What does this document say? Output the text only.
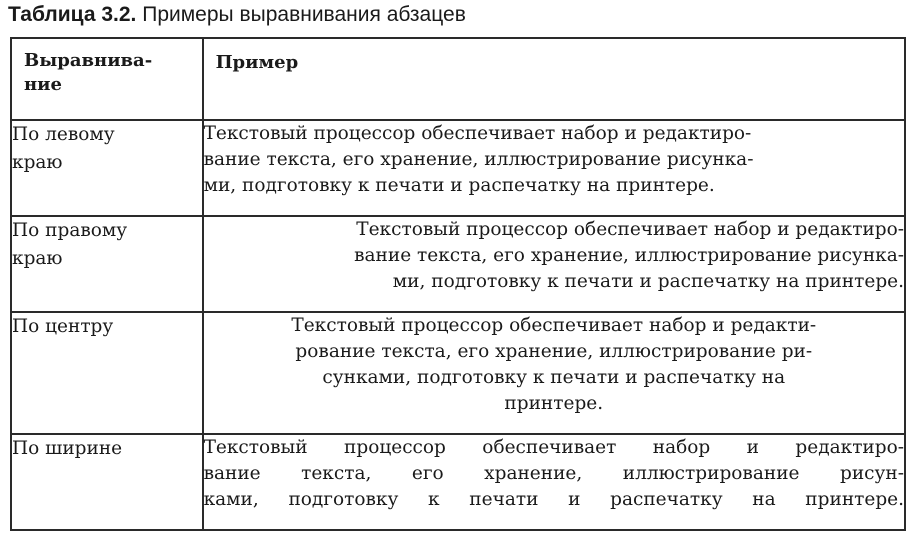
Таблица 3.2. Примеры выравнивания абзацев
Выравнива-
ние	Пример

По левому
краю	Текстовый процессор обеспечивает набор и редактиро-
вание текста, его хранение, иллюстрирование рисунка-
ми, подготовку к печати и распечатку на принтере.

По правому
краю	Текстовый процессор обеспечивает набор и редактиро-
вание текста, его хранение, иллюстрирование рисунка-
ми, подготовку к печати и распечатку на принтере.

По центру	Текстовый процессор обеспечивает набор и редакти-
рование текста, его хранение, иллюстрирование ри-
сунками, подготовку к печати и распечатку на
принтере.

По ширине	Текстовый процессор обеспечивает набор и редактиро-
вание текста, его хранение, иллюстрирование рисун-
ками, подготовку к печати и распечатку на принтере.
